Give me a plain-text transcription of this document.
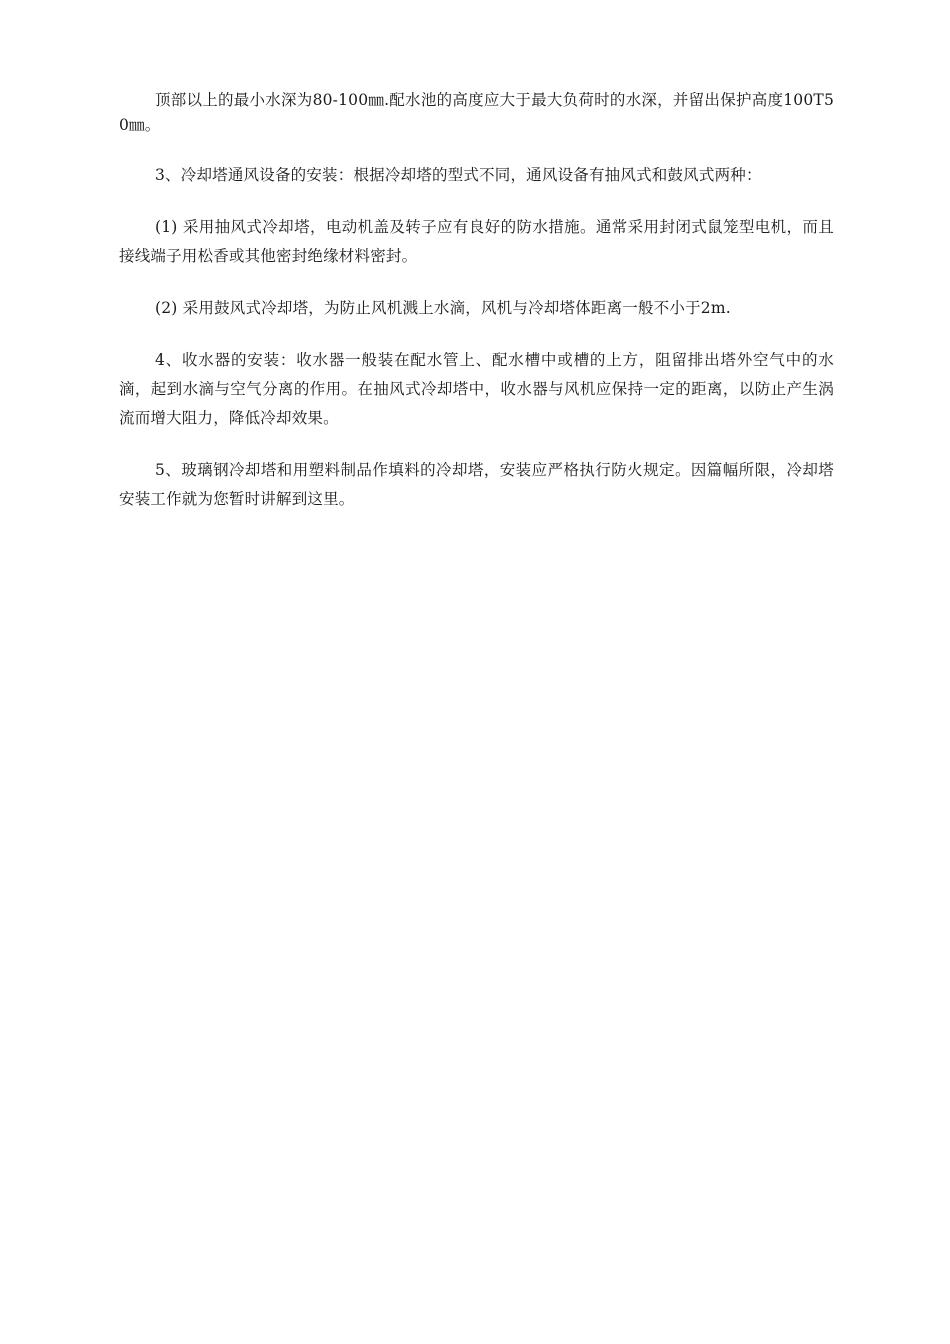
顶部以上的最小水深为80-100㎜.配水池的高度应大于最大负荷时的水深，并留出保护高度100T50㎜。

3、冷却塔通风设备的安装：根据冷却塔的型式不同，通风设备有抽风式和鼓风式两种：

(1) 采用抽风式冷却塔，电动机盖及转子应有良好的防水措施。通常采用封闭式鼠笼型电机，而且接线端子用松香或其他密封绝缘材料密封。

(2) 采用鼓风式冷却塔，为防止风机溅上水滴，风机与冷却塔体距离一般不小于2m.

4、收水器的安装：收水器一般装在配水管上、配水槽中或槽的上方，阻留排出塔外空气中的水滴，起到水滴与空气分离的作用。在抽风式冷却塔中，收水器与风机应保持一定的距离，以防止产生涡流而增大阻力，降低冷却效果。

5、玻璃钢冷却塔和用塑料制品作填料的冷却塔，安装应严格执行防火规定。因篇幅所限，冷却塔安装工作就为您暂时讲解到这里。
